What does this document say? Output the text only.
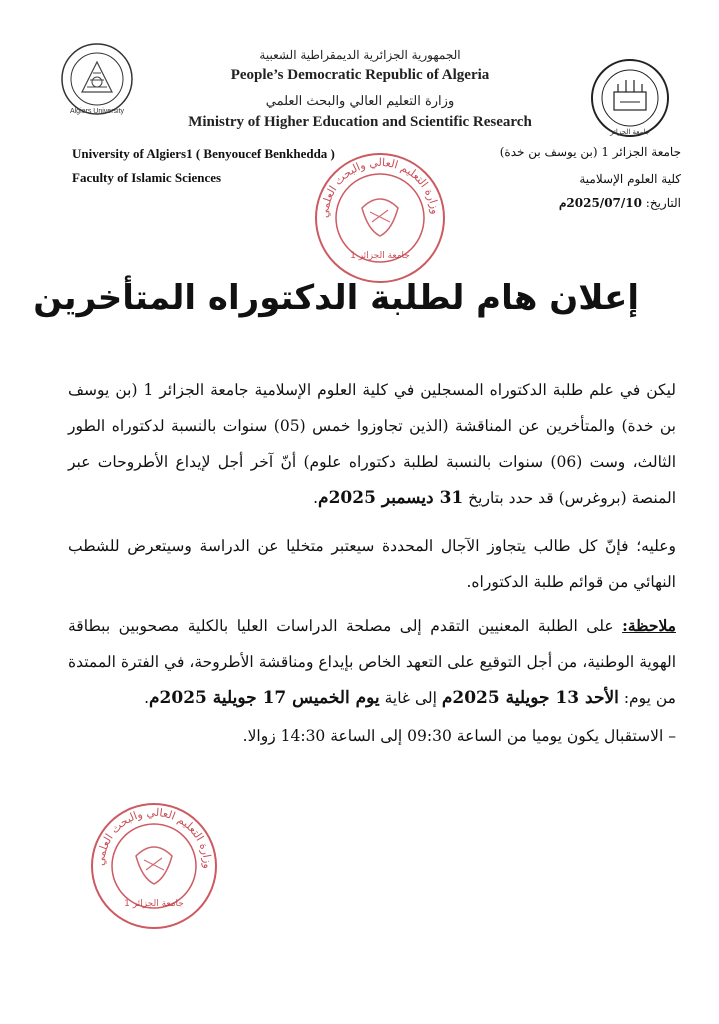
Algiers University
جامعة الجزائر
الجمهورية الجزائرية الديمقراطية الشعبية
People’s Democratic Republic of Algeria
وزارة التعليم العالي والبحث العلمي
Ministry of Higher Education and Scientific Research
University of Algiers1 ( Benyoucef Benkhedda )
Faculty of Islamic Sciences
جامعة الجزائر 1 (بن يوسف بن خدة)
كلية العلوم الإسلامية
التاريخ: 2025/07/10م
وزارة التعليم العالي والبحث العلمي
جامعة الجزائر 1
إعلان هام لطلبة الدكتوراه المتأخرين
ليكن في علم طلبة الدكتوراه المسجلين في كلية العلوم الإسلامية جامعة الجزائر 1 (بن يوسف بن خدة) والمتأخرين عن المناقشة (الذين تجاوزوا خمس (05) سنوات بالنسبة لدكتوراه الطور الثالث، وست (06) سنوات بالنسبة لطلبة دكتوراه علوم) أنّ آخر أجل لإيداع الأطروحات عبر المنصة (بروغرس) قد حدد بتاريخ 31 ديسمبر 2025م.
وعليه؛ فإنّ كل طالب يتجاوز الآجال المحددة سيعتبر متخليا عن الدراسة وسيتعرض للشطب النهائي من قوائم طلبة الدكتوراه.
ملاحظة: على الطلبة المعنيين التقدم إلى مصلحة الدراسات العليا بالكلية مصحوبين ببطاقة الهوية الوطنية، من أجل التوقيع على التعهد الخاص بإيداع ومناقشة الأطروحة، في الفترة الممتدة من يوم: الأحد 13 جويلية 2025م إلى غاية يوم الخميس 17 جويلية 2025م.
– الاستقبال يكون يوميا من الساعة 09:30 إلى الساعة 14:30 زوالا.
وزارة التعليم العالي والبحث العلمي
جامعة الجزائر 1
